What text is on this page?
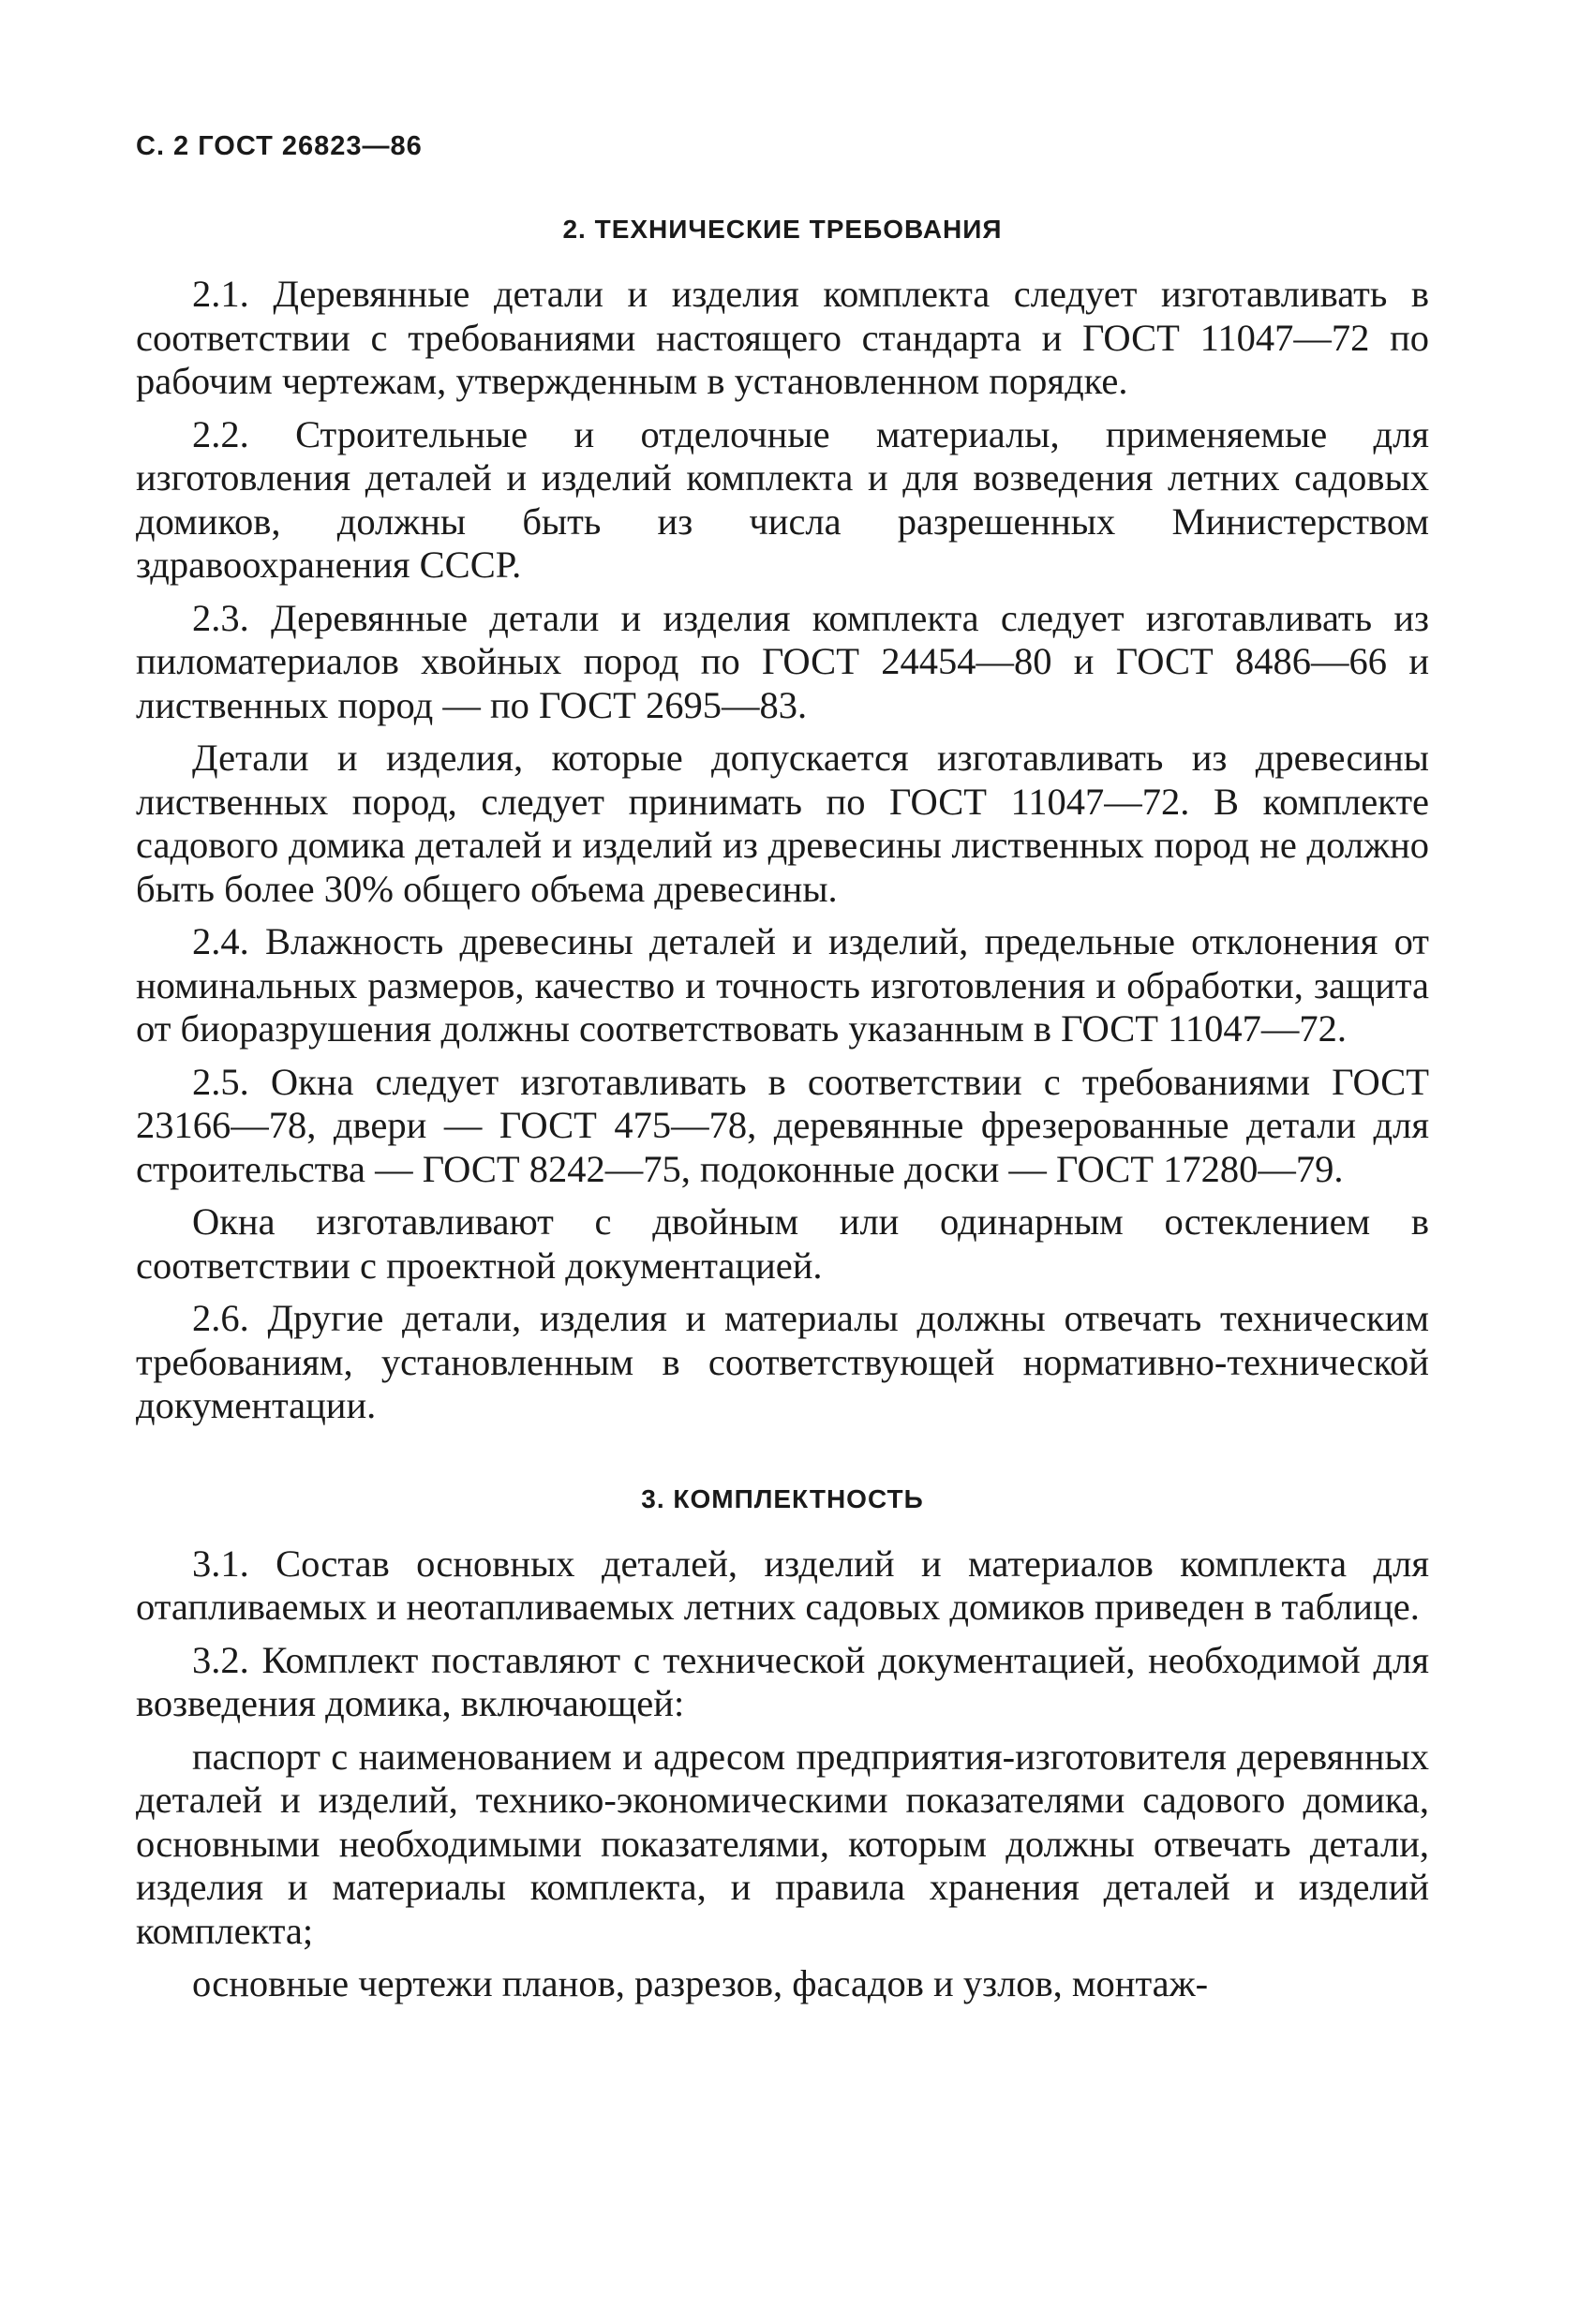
С. 2 ГОСТ 26823—86
2. ТЕХНИЧЕСКИЕ ТРЕБОВАНИЯ

2.1. Деревянные детали и изделия комплекта следует изготавливать в соответствии с требованиями настоящего стандарта и ГОСТ 11047—72 по рабочим чертежам, утвержденным в установленном порядке.

2.2. Строительные и отделочные материалы, применяемые для изготовления деталей и изделий комплекта и для возведения летних садовых домиков, должны быть из числа разрешенных Министерством здравоохранения СССР.

2.3. Деревянные детали и изделия комплекта следует изготавливать из пиломатериалов хвойных пород по ГОСТ 24454—80 и ГОСТ 8486—66 и лиственных пород — по ГОСТ 2695—83.

Детали и изделия, которые допускается изготавливать из древесины лиственных пород, следует принимать по ГОСТ 11047—72. В комплекте садового домика деталей и изделий из древесины лиственных пород не должно быть более 30% общего объема древесины.

2.4. Влажность древесины деталей и изделий, предельные отклонения от номинальных размеров, качество и точность изготовления и обработки, защита от биоразрушения должны соответствовать указанным в ГОСТ 11047—72.

2.5. Окна следует изготавливать в соответствии с требованиями ГОСТ 23166—78, двери — ГОСТ 475—78, деревянные фрезерованные детали для строительства — ГОСТ 8242—75, подоконные доски — ГОСТ 17280—79.

Окна изготавливают с двойным или одинарным остеклением в соответствии с проектной документацией.

2.6. Другие детали, изделия и материалы должны отвечать техническим требованиям, установленным в соответствующей нормативно-технической документации.

3. КОМПЛЕКТНОСТЬ

3.1. Состав основных деталей, изделий и материалов комплекта для отапливаемых и неотапливаемых летних садовых домиков приведен в таблице.

3.2. Комплект поставляют с технической документацией, необходимой для возведения домика, включающей:

паспорт с наименованием и адресом предприятия-изготовителя деревянных деталей и изделий, технико-экономическими показателями садового домика, основными необходимыми показателями, которым должны отвечать детали, изделия и материалы комплекта, и правила хранения деталей и изделий комплекта;

основные чертежи планов, разрезов, фасадов и узлов, монтаж-
